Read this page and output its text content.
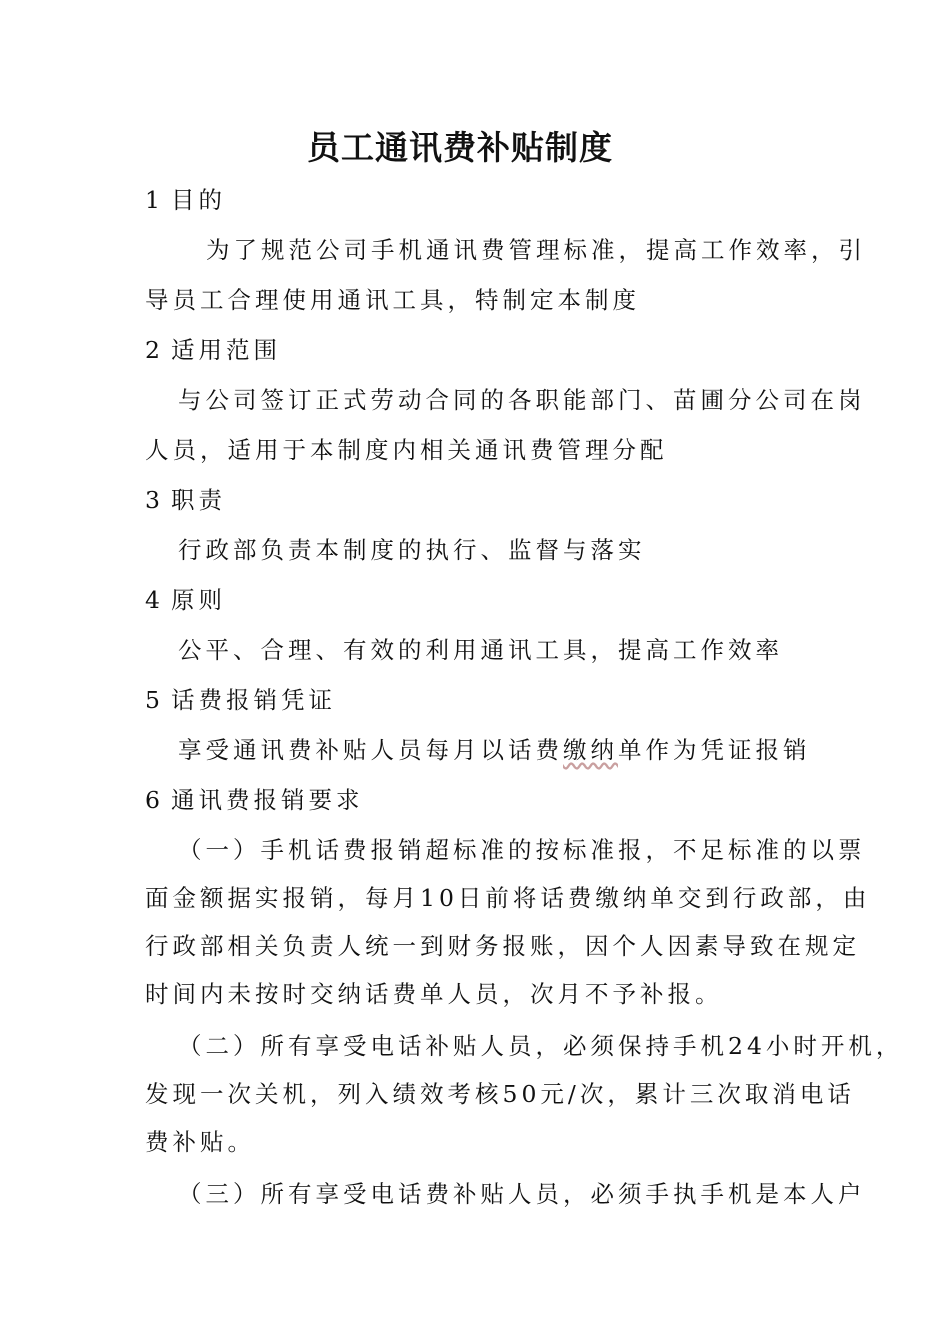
员工通讯费补贴制度
1 目的
为了规范公司手机通讯费管理标准，提高工作效率，引
导员工合理使用通讯工具，特制定本制度
2 适用范围
与公司签订正式劳动合同的各职能部门、苗圃分公司在岗
人员，适用于本制度内相关通讯费管理分配
3 职责
行政部负责本制度的执行、监督与落实
4 原则
公平、合理、有效的利用通讯工具，提高工作效率
5 话费报销凭证
享受通讯费补贴人员每月以话费缴纳单作为凭证报销
6 通讯费报销要求
（一）手机话费报销超标准的按标准报，不足标准的以票
面金额据实报销，每月10日前将话费缴纳单交到行政部，由
行政部相关负责人统一到财务报账，因个人因素导致在规定
时间内未按时交纳话费单人员，次月不予补报。
（二）所有享受电话补贴人员，必须保持手机24小时开机，
发现一次关机，列入绩效考核50元/次，累计三次取消电话
费补贴。
（三）所有享受电话费补贴人员，必须手执手机是本人户
